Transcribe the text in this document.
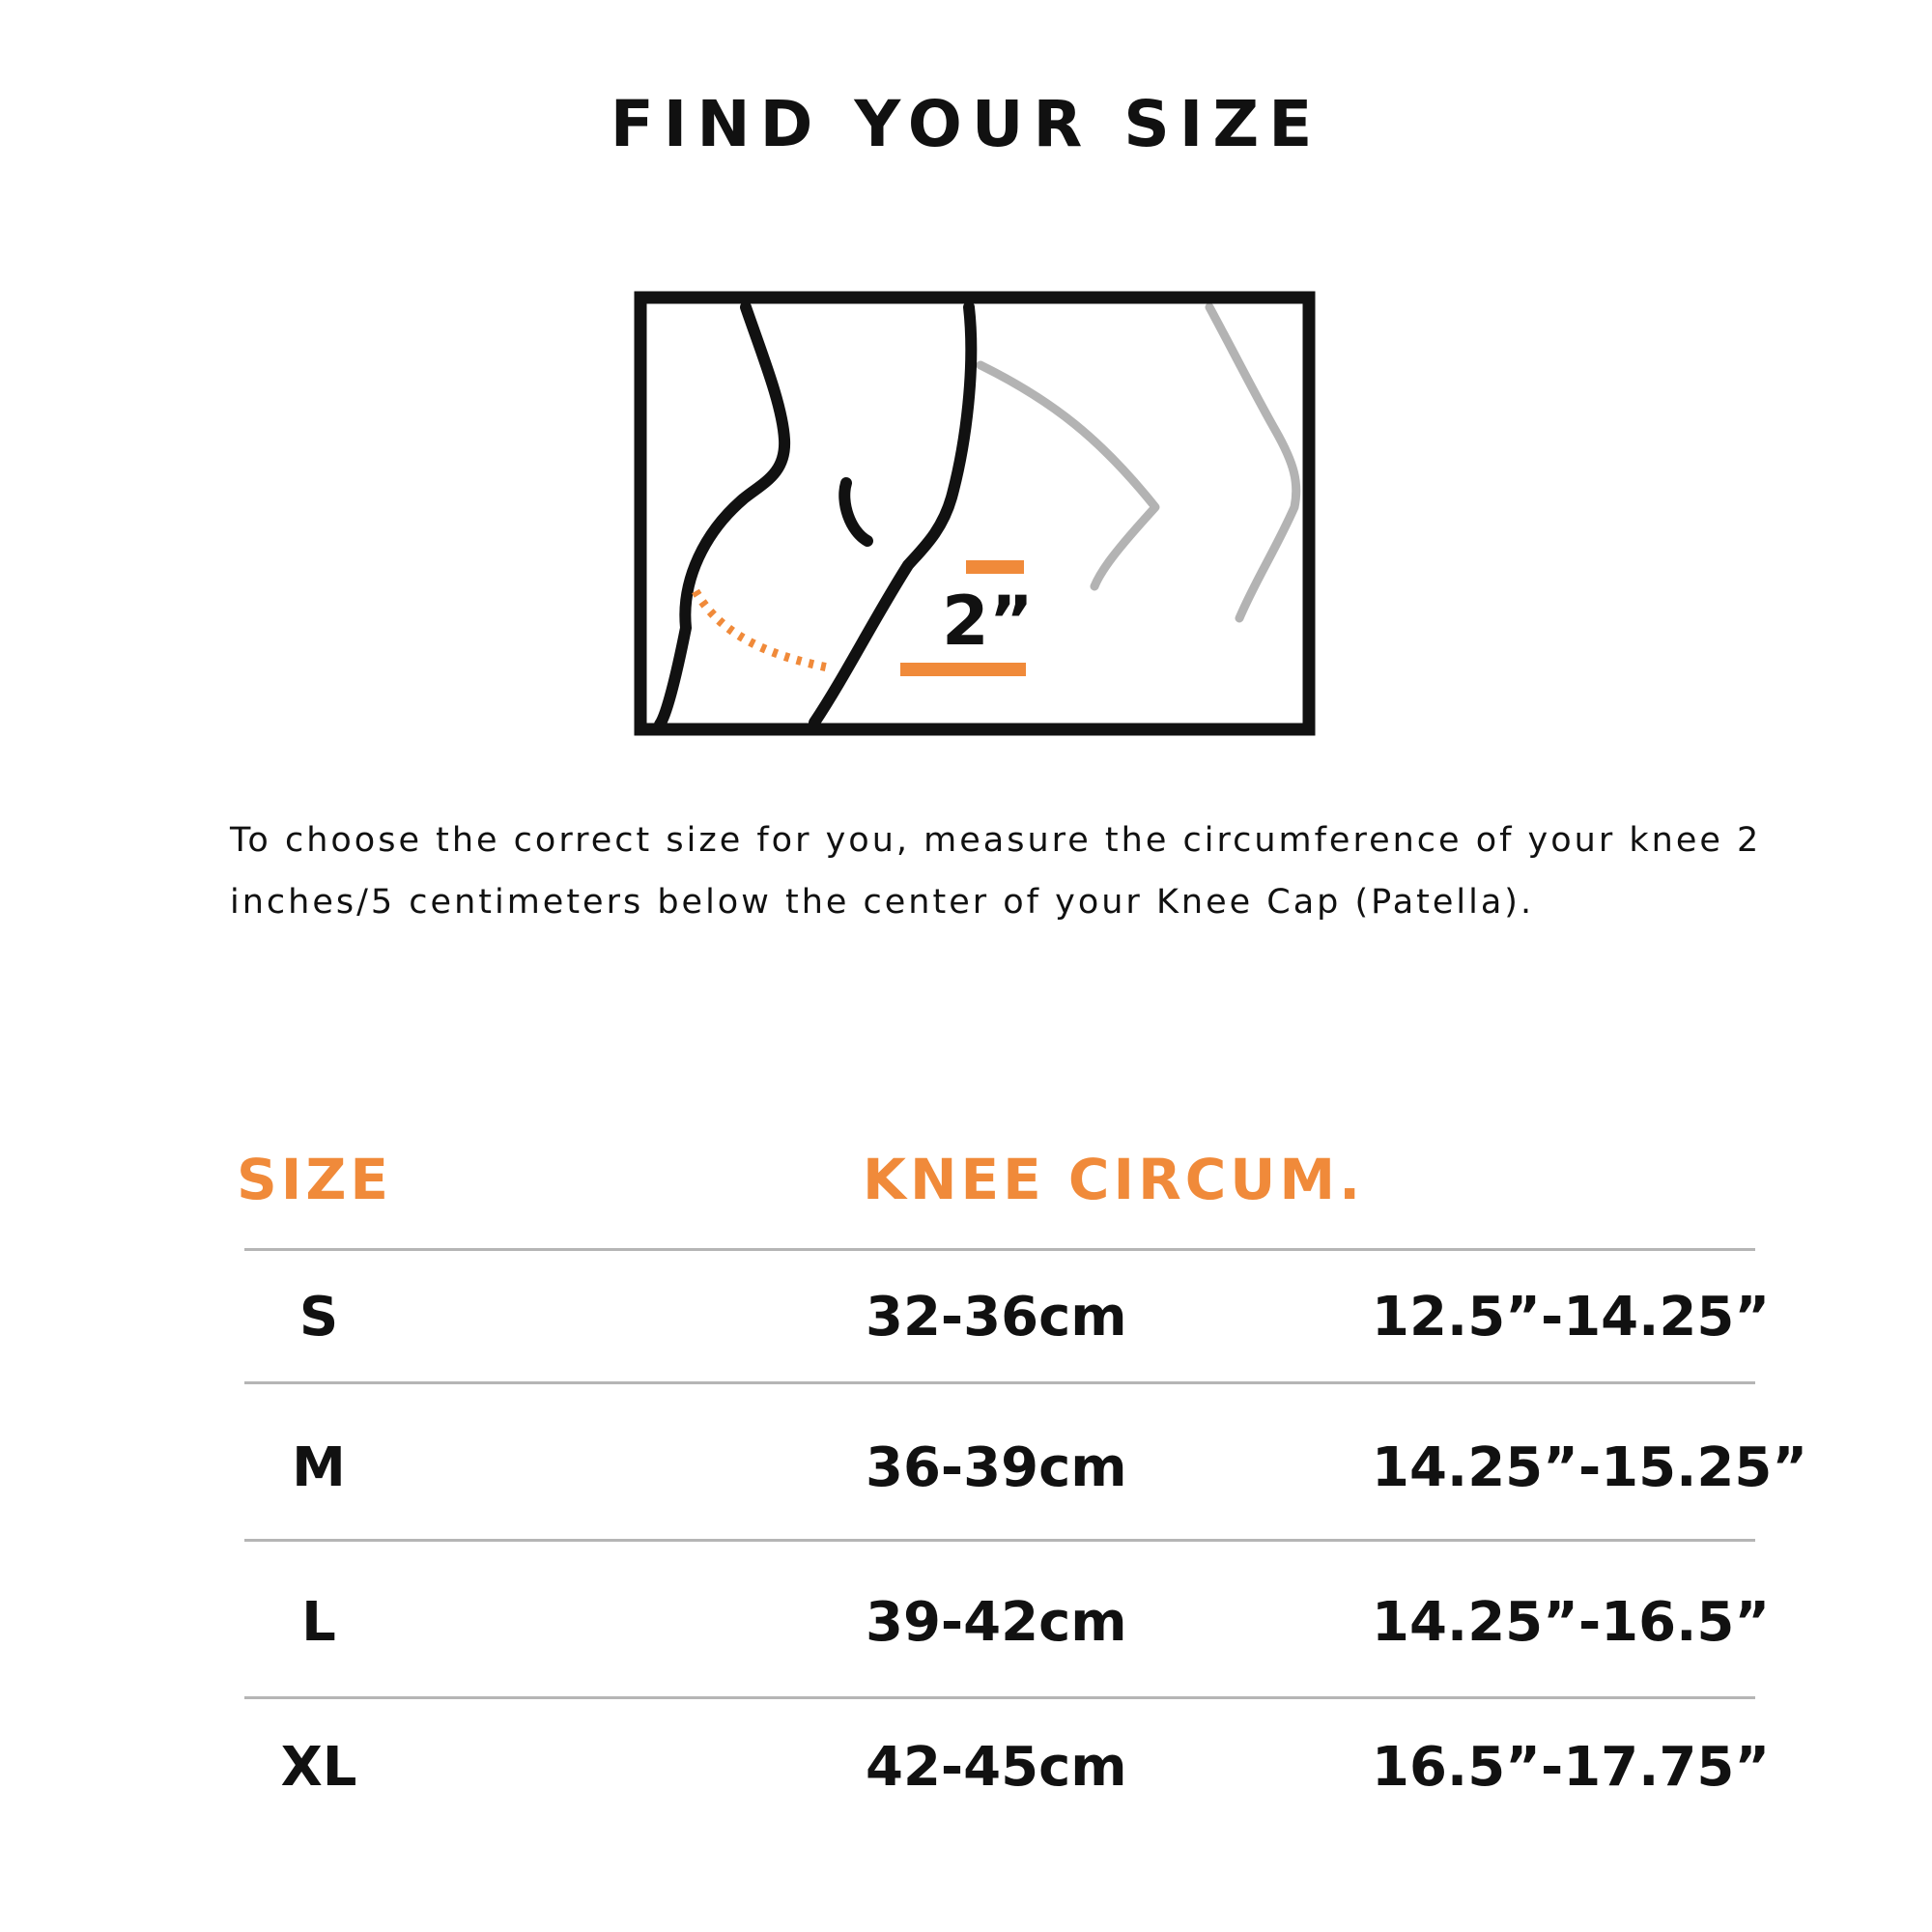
FIND YOUR SIZE
2”

To choose the correct size for you, measure the circumference of your knee 2 inches/5 centimeters below the center of your Knee Cap (Patella).

SIZE	KNEE CIRCUM.
S	32-36cm	12.5”-14.25”
M	36-39cm	14.25”-15.25”
L	39-42cm	14.25”-16.5”
XL	42-45cm	16.5”-17.75”
